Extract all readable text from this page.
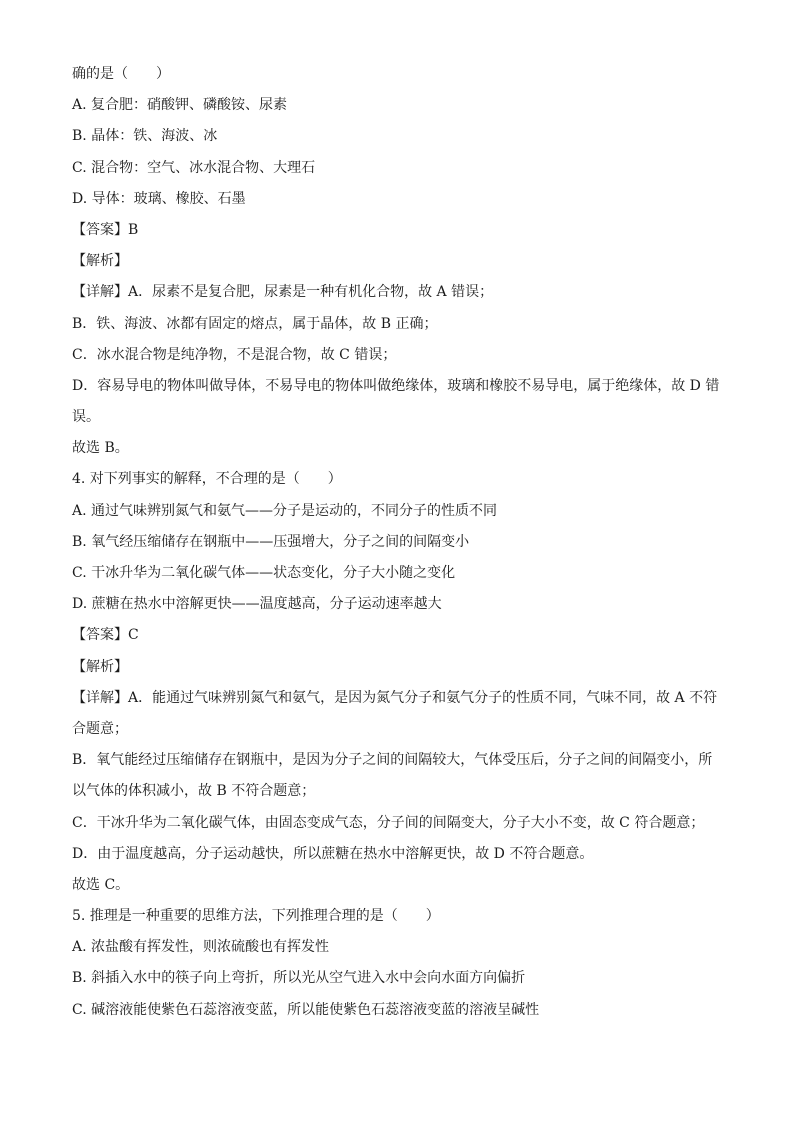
确的是（　　）
A. 复合肥：硝酸钾、磷酸铵、尿素
B. 晶体：铁、海波、冰
C. 混合物：空气、冰水混合物、大理石
D. 导体：玻璃、橡胶、石墨
【答案】B
【解析】
【详解】A．尿素不是复合肥，尿素是一种有机化合物，故 A 错误；
B．铁、海波、冰都有固定的熔点，属于晶体，故 B 正确；
C．冰水混合物是纯净物，不是混合物，故 C 错误；
D．容易导电的物体叫做导体，不易导电的物体叫做绝缘体，玻璃和橡胶不易导电，属于绝缘体，故 D 错
误。
故选 B。
4. 对下列事实的解释，不合理的是（　　）
A. 通过气味辨别氮气和氨气——分子是运动的，不同分子的性质不同
B. 氧气经压缩储存在钢瓶中——压强增大，分子之间的间隔变小
C. 干冰升华为二氧化碳气体——状态变化，分子大小随之变化
D. 蔗糖在热水中溶解更快——温度越高，分子运动速率越大
【答案】C
【解析】
【详解】A．能通过气味辨别氮气和氨气，是因为氮气分子和氨气分子的性质不同，气味不同，故 A 不符
合题意；
B．氧气能经过压缩储存在钢瓶中，是因为分子之间的间隔较大，气体受压后，分子之间的间隔变小，所
以气体的体积减小，故 B 不符合题意；
C．干冰升华为二氧化碳气体，由固态变成气态，分子间的间隔变大，分子大小不变，故 C 符合题意；
D．由于温度越高，分子运动越快，所以蔗糖在热水中溶解更快，故 D 不符合题意。
故选 C。
5. 推理是一种重要的思维方法，下列推理合理的是（　　）
A. 浓盐酸有挥发性，则浓硫酸也有挥发性
B. 斜插入水中的筷子向上弯折，所以光从空气进入水中会向水面方向偏折
C. 碱溶液能使紫色石蕊溶液变蓝，所以能使紫色石蕊溶液变蓝的溶液呈碱性
